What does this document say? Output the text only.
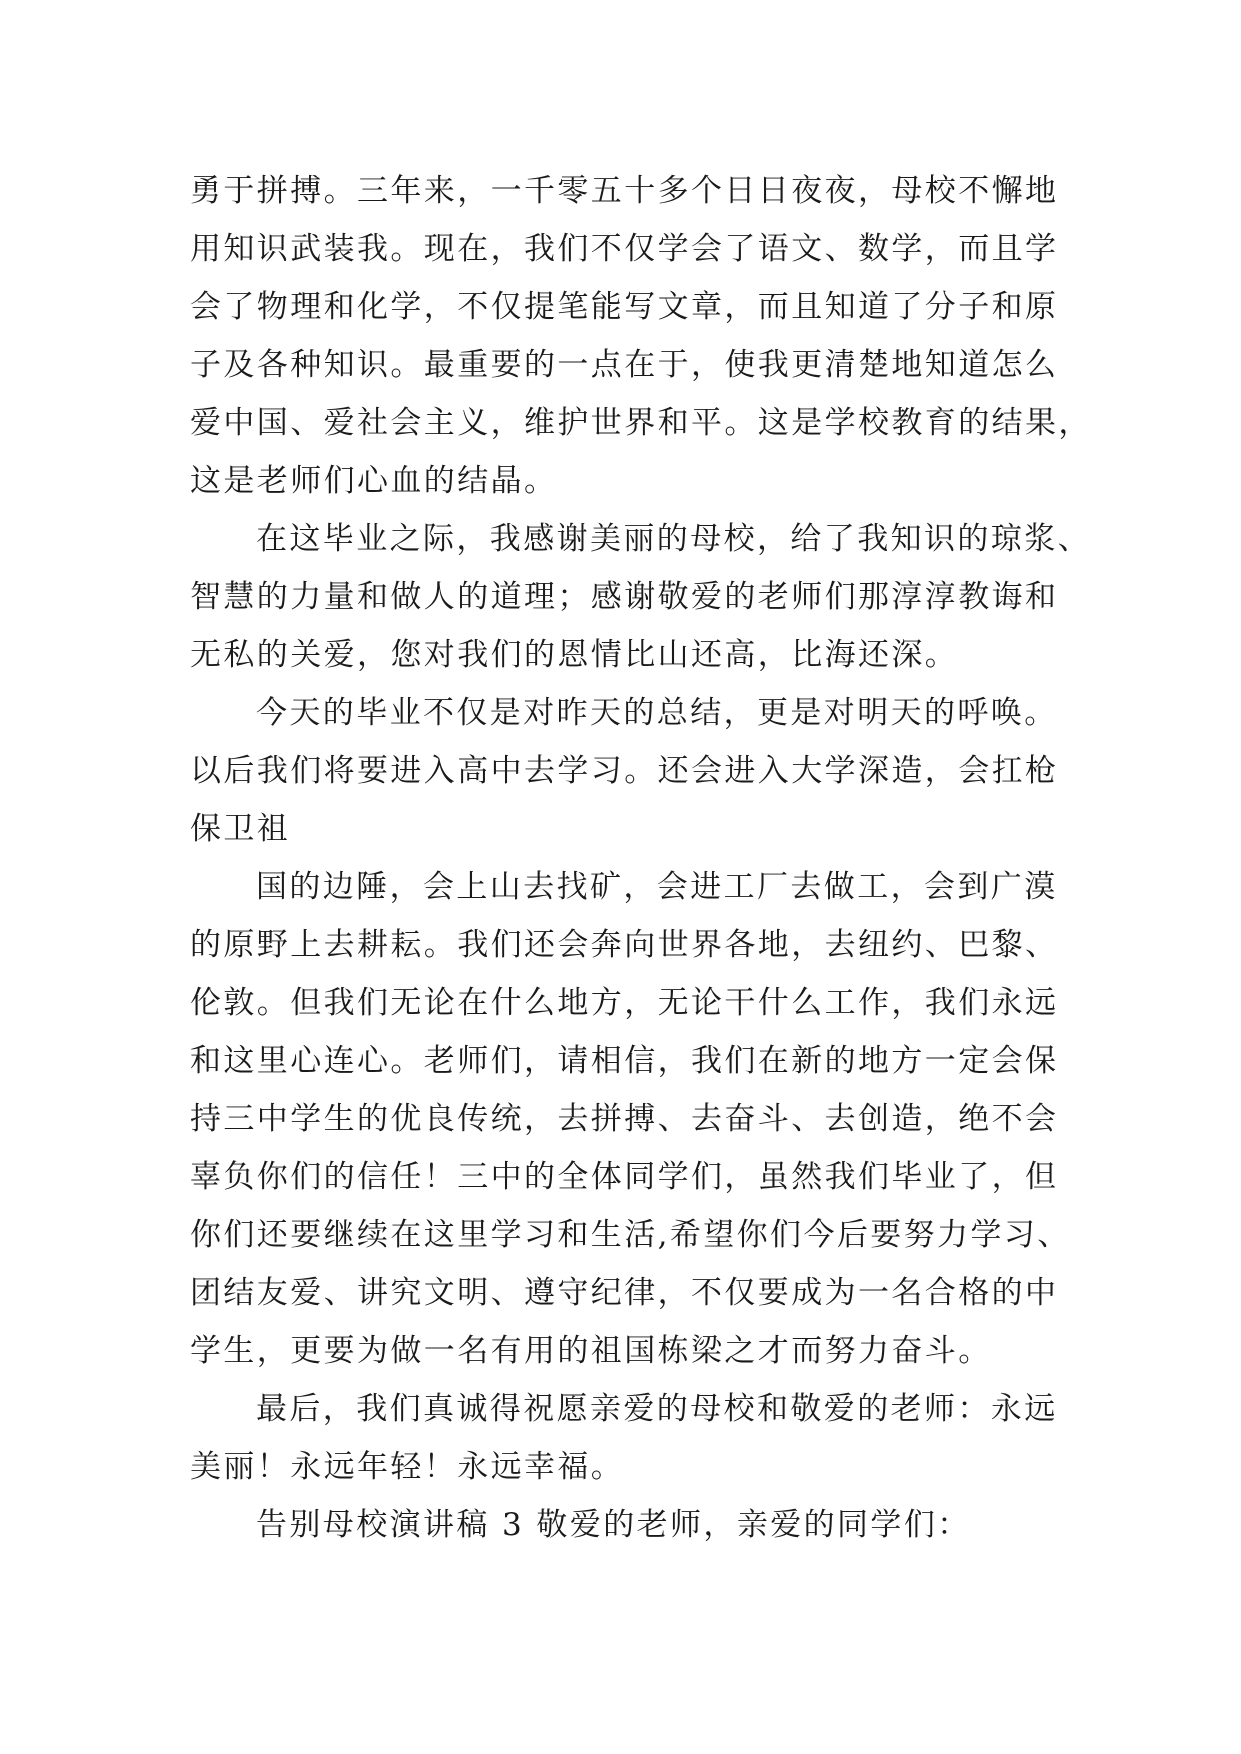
勇于拼搏。三年来，一千零五十多个日日夜夜，母校不懈地
用知识武装我。现在，我们不仅学会了语文、数学，而且学
会了物理和化学，不仅提笔能写文章，而且知道了分子和原
子及各种知识。最重要的一点在于，使我更清楚地知道怎么
爱中国、爱社会主义，维护世界和平。这是学校教育的结果，
这是老师们心血的结晶。
在这毕业之际，我感谢美丽的母校，给了我知识的琼浆、
智慧的力量和做人的道理；感谢敬爱的老师们那淳淳教诲和
无私的关爱，您对我们的恩情比山还高，比海还深。
今天的毕业不仅是对昨天的总结，更是对明天的呼唤。
以后我们将要进入高中去学习。还会进入大学深造，会扛枪
保卫祖
国的边陲，会上山去找矿，会进工厂去做工，会到广漠
的原野上去耕耘。我们还会奔向世界各地，去纽约、巴黎、
伦敦。但我们无论在什么地方，无论干什么工作，我们永远
和这里心连心。老师们，请相信，我们在新的地方一定会保
持三中学生的优良传统，去拼搏、去奋斗、去创造，绝不会
辜负你们的信任！三中的全体同学们，虽然我们毕业了，但
你们还要继续在这里学习和生活,希望你们今后要努力学习、
团结友爱、讲究文明、遵守纪律，不仅要成为一名合格的中
学生，更要为做一名有用的祖国栋梁之才而努力奋斗。
最后，我们真诚得祝愿亲爱的母校和敬爱的老师：永远
美丽！永远年轻！永远幸福。
告别母校演讲稿 3 敬爱的老师，亲爱的同学们：
